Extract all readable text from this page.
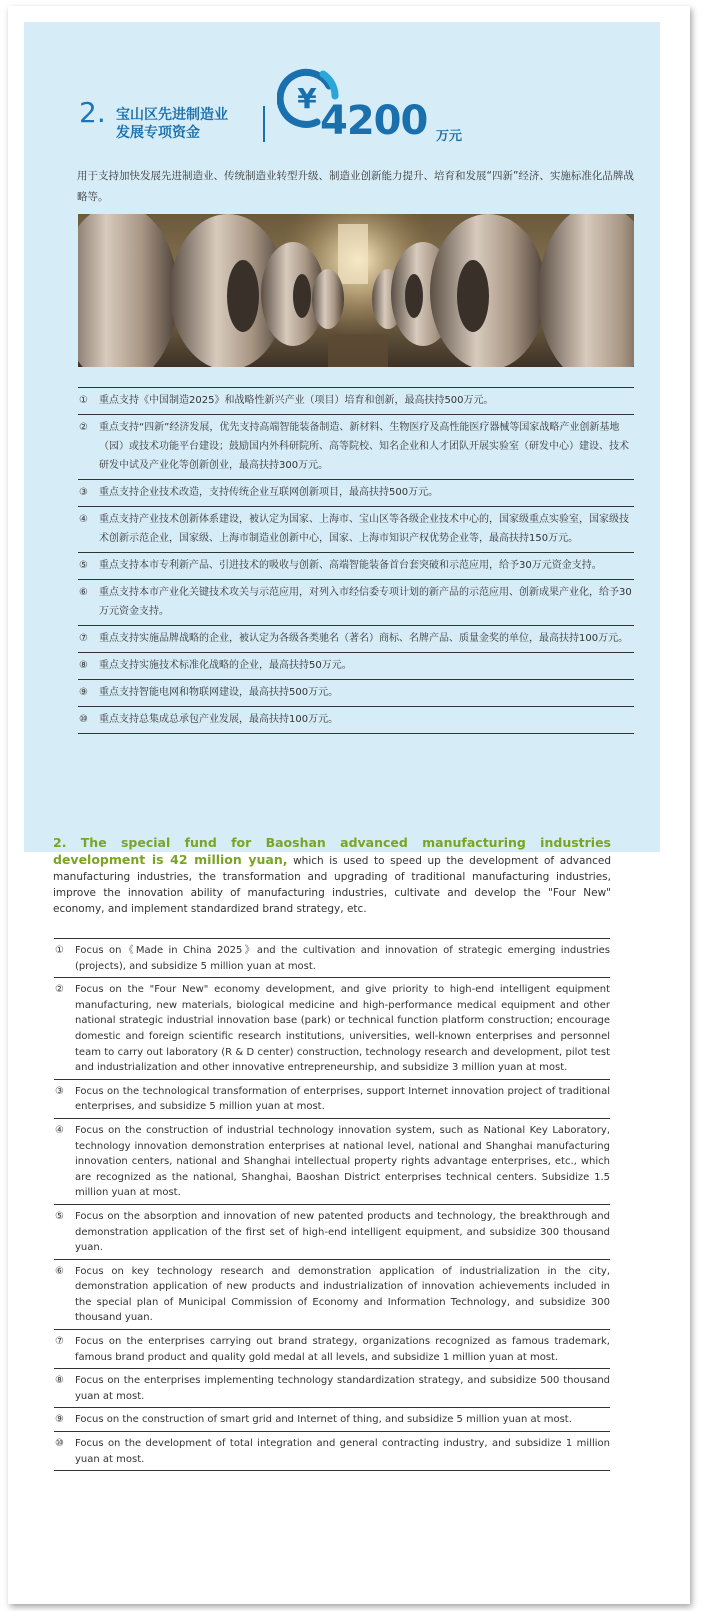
2. 宝山区先进制造业
发展专项资金
¥ 4200 万元
用于支持加快发展先进制造业、传统制造业转型升级、制造业创新能力提升、培育和发展“四新”经济、实施标准化品牌战略等。
①	重点支持《中国制造2025》和战略性新兴产业（项目）培育和创新，最高扶持500万元。
②	重点支持“四新”经济发展，优先支持高端智能装备制造、新材料、生物医疗及高性能医疗器械等国家战略产业创新基地（园）或技术功能平台建设；鼓励国内外科研院所、高等院校、知名企业和人才团队开展实验室（研发中心）建设、技术研发中试及产业化等创新创业，最高扶持300万元。
③	重点支持企业技术改造，支持传统企业互联网创新项目，最高扶持500万元。
④	重点支持产业技术创新体系建设，被认定为国家、上海市、宝山区等各级企业技术中心的，国家级重点实验室，国家级技术创新示范企业，国家级、上海市制造业创新中心，国家、上海市知识产权优势企业等，最高扶持150万元。
⑤	重点支持本市专利新产品、引进技术的吸收与创新、高端智能装备首台套突破和示范应用，给予30万元资金支持。
⑥	重点支持本市产业化关键技术攻关与示范应用，对列入市经信委专项计划的新产品的示范应用、创新成果产业化，给予30万元资金支持。
⑦	重点支持实施品牌战略的企业，被认定为各级各类驰名（著名）商标、名牌产品、质量金奖的单位，最高扶持100万元。
⑧	重点支持实施技术标准化战略的企业，最高扶持50万元。
⑨	重点支持智能电网和物联网建设，最高扶持500万元。
⑩	重点支持总集成总承包产业发展，最高扶持100万元。
2. The special fund for Baoshan advanced manufacturing industries development is 42 million yuan, which is used to speed up the development of advanced manufacturing industries, the transformation and upgrading of traditional manufacturing industries, improve the innovation ability of manufacturing industries, cultivate and develop the "Four New" economy, and implement standardized brand strategy, etc.
①	Focus on《Made in China 2025》and the cultivation and innovation of strategic emerging industries (projects), and subsidize 5 million yuan at most.
②	Focus on the "Four New" economy development, and give priority to high-end intelligent equipment manufacturing, new materials, biological medicine and high-performance medical equipment and other national strategic industrial innovation base (park) or technical function platform construction; encourage domestic and foreign scientific research institutions, universities, well-known enterprises and personnel team to carry out laboratory (R & D center) construction, technology research and development, pilot test and industrialization and other innovative entrepreneurship, and subsidize 3 million yuan at most.
③	Focus on the technological transformation of enterprises, support Internet innovation project of traditional enterprises, and subsidize 5 million yuan at most.
④	Focus on the construction of industrial technology innovation system, such as National Key Laboratory, technology innovation demonstration enterprises at national level, national and Shanghai manufacturing innovation centers, national and Shanghai intellectual property rights advantage enterprises, etc., which are recognized as the national, Shanghai, Baoshan District enterprises technical centers. Subsidize 1.5 million yuan at most.
⑤	Focus on the absorption and innovation of new patented products and technology, the breakthrough and demonstration application of the first set of high-end intelligent equipment, and subsidize 300 thousand yuan.
⑥	Focus on key technology research and demonstration application of industrialization in the city, demonstration application of new products and industrialization of innovation achievements included in the special plan of Municipal Commission of Economy and Information Technology, and subsidize 300 thousand yuan.
⑦	Focus on the enterprises carrying out brand strategy, organizations recognized as famous trademark, famous brand product and quality gold medal at all levels, and subsidize 1 million yuan at most.
⑧	Focus on the enterprises implementing technology standardization strategy, and subsidize 500 thousand yuan at most.
⑨	Focus on the construction of smart grid and Internet of thing, and subsidize 5 million yuan at most.
⑩	Focus on the development of total integration and general contracting industry, and subsidize 1 million yuan at most.
